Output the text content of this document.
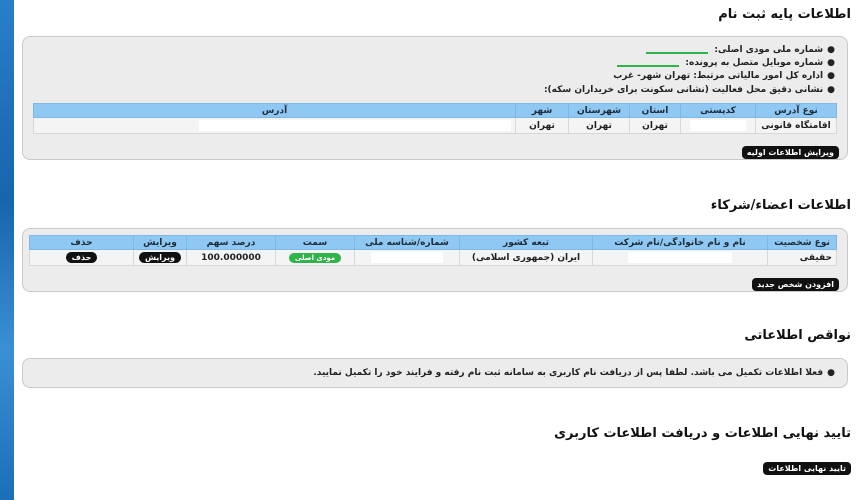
اطلاعات پایه ثبت نام
●شماره ملی مودی اصلی:
●شماره موبایل متصل به پرونده:
●اداره کل امور مالیاتی مرتبط: تهران شهر- غرب
●نشانی دقیق محل فعالیت (نشانی سکونت برای خریداران سکه):
نوع آدرس	کدپستی	استان	شهرستان	شهر	آدرس
اقامتگاه قانونی		تهران	تهران	تهران	
ویرایش اطلاعات اولیه
اطلاعات اعضاء/شرکاء
نوع شخصیت	نام و نام خانوادگی/نام شرکت	تبعه کشور	شماره/شناسه ملی	سمت	درصد سهم	ویرایش	حذف
حقیقی		ایران (جمهوری اسلامی)		مودی اصلی	100.000000	ویرایش	حذف
افزودن شخص جدید
نواقص اطلاعاتی
●فعلا اطلاعات تکمیل می باشد. لطفا پس از دریافت نام کاربری به سامانه ثبت نام رفته و فرایند خود را تکمیل نمایید.
تایید نهایی اطلاعات و دریافت اطلاعات کاربری
تایید نهایی اطلاعات
